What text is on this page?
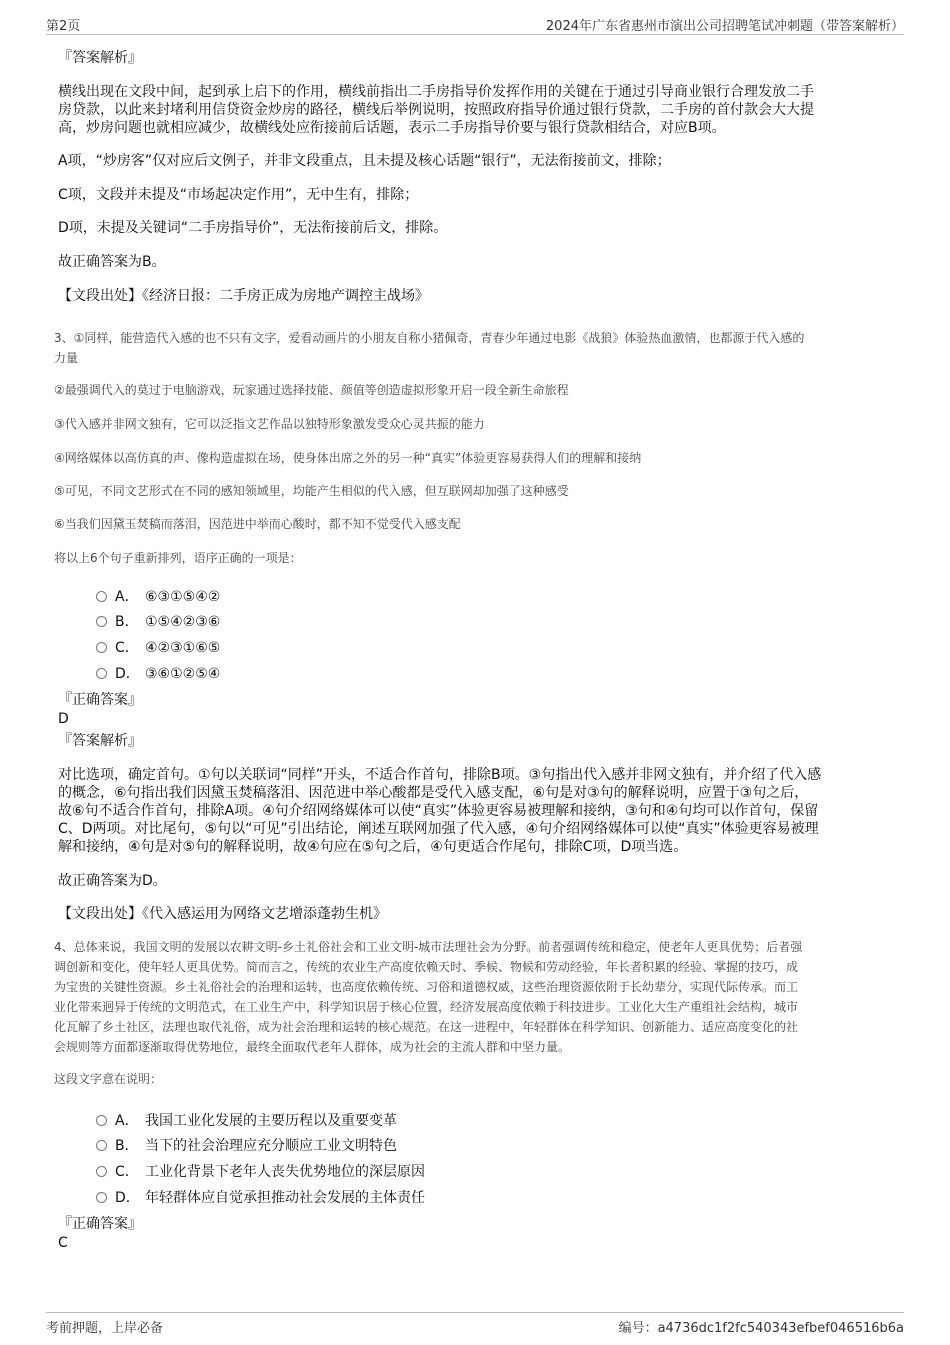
第2页	2024年广东省惠州市演出公司招聘笔试冲刺题（带答案解析）
『答案解析』
横线出现在文段中间，起到承上启下的作用，横线前指出二手房指导价发挥作用的关键在于通过引导商业银行合理发放二手
房贷款，以此来封堵利用信贷资金炒房的路径，横线后举例说明，按照政府指导价通过银行贷款，二手房的首付款会大大提
高，炒房问题也就相应减少，故横线处应衔接前后话题，表示二手房指导价要与银行贷款相结合，对应B项。
A项，“炒房客”仅对应后文例子，并非文段重点，且未提及核心话题“银行”，无法衔接前文，排除；
C项，文段并未提及“市场起决定作用”，无中生有，排除；
D项，未提及关键词“二手房指导价”，无法衔接前后文，排除。
故正确答案为B。
【文段出处】《经济日报：二手房正成为房地产调控主战场》
3、①同样，能营造代入感的也不只有文字，爱看动画片的小朋友自称小猪佩奇，青春少年通过电影《战狼》体验热血激情，也都源于代入感的
力量
②最强调代入的莫过于电脑游戏，玩家通过选择技能、颜值等创造虚拟形象开启一段全新生命旅程
③代入感并非网文独有，它可以泛指文艺作品以独特形象激发受众心灵共振的能力
④网络媒体以高仿真的声、像构造虚拟在场，使身体出席之外的另一种“真实”体验更容易获得人们的理解和接纳
⑤可见，不同文艺形式在不同的感知领域里，均能产生相似的代入感，但互联网却加强了这种感受
⑥当我们因黛玉焚稿而落泪，因范进中举而心酸时，都不知不觉受代入感支配
将以上6个句子重新排列，语序正确的一项是：
A． ⑥③①⑤④②
B． ①⑤④②③⑥
C． ④②③①⑥⑤
D． ③⑥①②⑤④
『正确答案』
D
『答案解析』
对比选项，确定首句。①句以关联词“同样”开头，不适合作首句，排除B项。③句指出代入感并非网文独有，并介绍了代入感
的概念，⑥句指出我们因黛玉焚稿落泪、因范进中举心酸都是受代入感支配，⑥句是对③句的解释说明，应置于③句之后，
故⑥句不适合作首句，排除A项。④句介绍网络媒体可以使“真实”体验更容易被理解和接纳，③句和④句均可以作首句，保留
C、D两项。对比尾句，⑤句以“可见”引出结论，阐述互联网加强了代入感，④句介绍网络媒体可以使“真实”体验更容易被理
解和接纳，④句是对⑤句的解释说明，故④句应在⑤句之后，④句更适合作尾句，排除C项，D项当选。
故正确答案为D。
【文段出处】《代入感运用为网络文艺增添蓬勃生机》
4、总体来说，我国文明的发展以农耕文明-乡土礼俗社会和工业文明-城市法理社会为分野。前者强调传统和稳定，使老年人更具优势；后者强
调创新和变化，使年轻人更具优势。简而言之，传统的农业生产高度依赖天时、季候、物候和劳动经验，年长者积累的经验、掌握的技巧，成
为宝贵的关键性资源。乡土礼俗社会的治理和运转，也高度依赖传统、习俗和道德权威，这些治理资源依附于长幼辈分，实现代际传承。而工
业化带来迥异于传统的文明范式，在工业生产中，科学知识居于核心位置，经济发展高度依赖于科技进步。工业化大生产重组社会结构，城市
化瓦解了乡土社区，法理也取代礼俗，成为社会治理和运转的核心规范。在这一进程中，年轻群体在科学知识、创新能力、适应高度变化的社
会规则等方面都逐渐取得优势地位，最终全面取代老年人群体，成为社会的主流人群和中坚力量。
这段文字意在说明：
A． 我国工业化发展的主要历程以及重要变革
B． 当下的社会治理应充分顺应工业文明特色
C． 工业化背景下老年人丧失优势地位的深层原因
D． 年轻群体应自觉承担推动社会发展的主体责任
『正确答案』
C
考前押题，上岸必备	编号：a4736dc1f2fc540343efbef046516b6a
